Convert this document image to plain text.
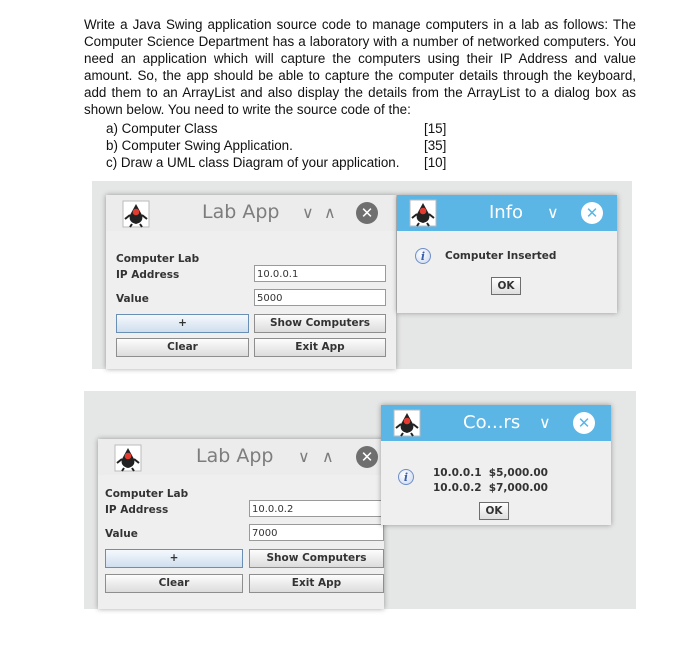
Write a Java Swing application source code to manage computers in a lab as follows: The Computer Science Department has a laboratory with a number of networked computers. You need an application which will capture the computers using their IP Address and value amount. So, the app should be able to capture the computer details through the keyboard, add them to an ArrayList and also display the details from the ArrayList to a dialog box as shown below. You need to write the source code of the:
a) Computer Class	[15]
b) Computer Swing Application.	[35]
c) Draw a UML class Diagram of your application. [10]
Lab App ∨ ∧	✕
Computer Lab
IP Address	10.0.0.1
Value	5000
+	Show Computers
Clear	Exit App
Info ∨	✕
i	Computer Inserted
OK
Lab App ∨ ∧	✕
Computer Lab
IP Address	10.0.0.2
Value	7000
+	Show Computers
Clear	Exit App
Co...rs ∨	✕
i	10.0.0.1  $5,000.00
10.0.0.2  $7,000.00
OK
